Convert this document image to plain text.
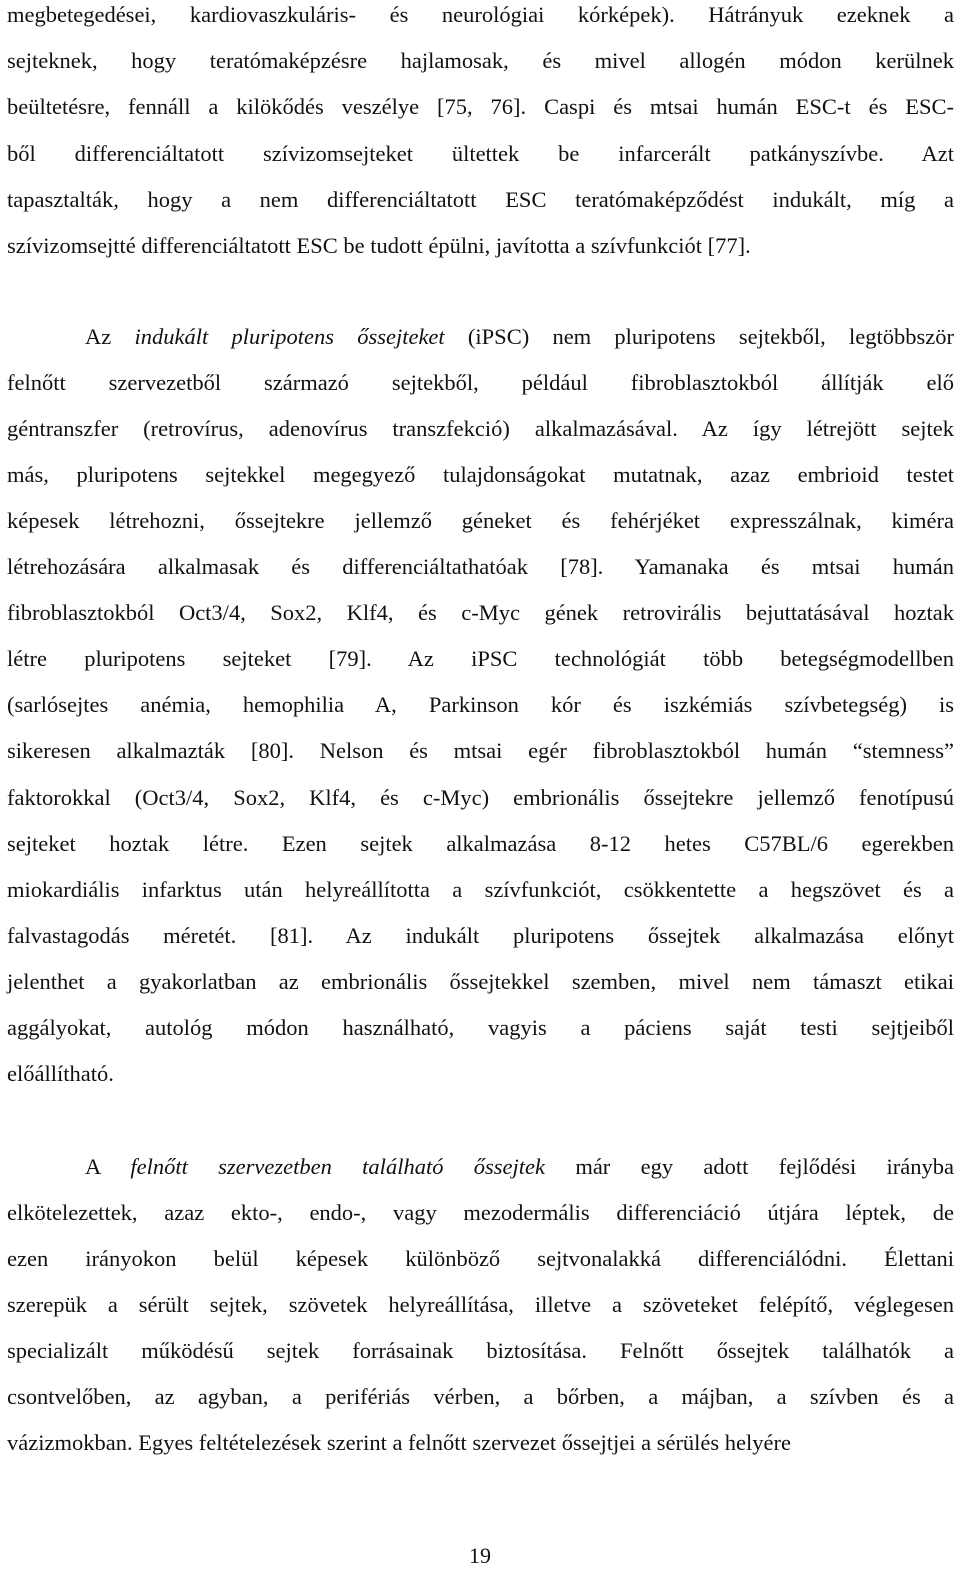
megbetegedései, kardiovaszkuláris- és neurológiai kórképek). Hátrányuk ezeknek a
sejteknek, hogy teratómaképzésre hajlamosak, és mivel allogén módon kerülnek
beültetésre, fennáll a kilökődés veszélye [75, 76]. Caspi és mtsai humán ESC-t és ESC-
ből differenciáltatott szívizomsejteket ültettek be infarcerált patkányszívbe. Azt
tapasztalták, hogy a nem differenciáltatott ESC teratómaképződést indukált, míg a
szívizomsejtté differenciáltatott ESC be tudott épülni, javította a szívfunkciót [77].
Az indukált pluripotens őssejteket (iPSC) nem pluripotens sejtekből, legtöbbször
felnőtt szervezetből származó sejtekből, például fibroblasztokból állítják elő
géntranszfer (retrovírus, adenovírus transzfekció) alkalmazásával. Az így létrejött sejtek
más, pluripotens sejtekkel megegyező tulajdonságokat mutatnak, azaz embrioid testet
képesek létrehozni, őssejtekre jellemző géneket és fehérjéket expresszálnak, kiméra
létrehozására alkalmasak és differenciáltathatóak [78]. Yamanaka és mtsai humán
fibroblasztokból Oct3/4, Sox2, Klf4, és c-Myc gének retrovirális bejuttatásával hoztak
létre pluripotens sejteket [79]. Az iPSC technológiát több betegségmodellben
(sarlósejtes anémia, hemophilia A, Parkinson kór és iszkémiás szívbetegség) is
sikeresen alkalmazták [80]. Nelson és mtsai egér fibroblasztokból humán “stemness”
faktorokkal (Oct3/4, Sox2, Klf4, és c-Myc) embrionális őssejtekre jellemző fenotípusú
sejteket hoztak létre. Ezen sejtek alkalmazása 8-12 hetes C57BL/6 egerekben
miokardiális infarktus után helyreállította a szívfunkciót, csökkentette a hegszövet és a
falvastagodás méretét. [81]. Az indukált pluripotens őssejtek alkalmazása előnyt
jelenthet a gyakorlatban az embrionális őssejtekkel szemben, mivel nem támaszt etikai
aggályokat, autológ módon használható, vagyis a páciens saját testi sejtjeiből
előállítható.
A felnőtt szervezetben található őssejtek már egy adott fejlődési irányba
elkötelezettek, azaz ekto-, endo-, vagy mezodermális differenciáció útjára léptek, de
ezen irányokon belül képesek különböző sejtvonalakká differenciálódni. Élettani
szerepük a sérült sejtek, szövetek helyreállítása, illetve a szöveteket felépítő, véglegesen
specializált működésű sejtek forrásainak biztosítása. Felnőtt őssejtek találhatók a
csontvelőben, az agyban, a perifériás vérben, a bőrben, a májban, a szívben és a
vázizmokban. Egyes feltételezések szerint a felnőtt szervezet őssejtjei a sérülés helyére
19
